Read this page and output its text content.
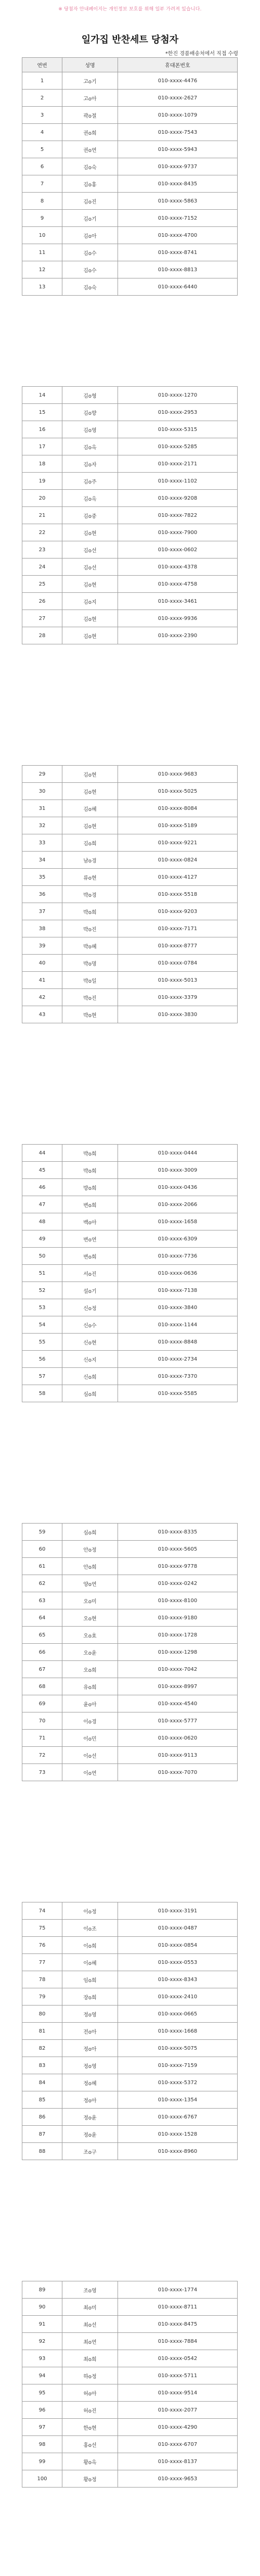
※ 당첨자 안내페이지는 개인정보 보호를 위해 일부 가려져 있습니다.
일가집 반찬세트 당첨자
*한진 경품배송처에서 직접 수령
연번	성명	휴대폰번호
1	고o기	010-xxxx-4476
2	고o아	010-xxxx-2627
3	곽o절	010-xxxx-1079
4	권o희	010-xxxx-7543
5	권o연	010-xxxx-5943
6	김o숙	010-xxxx-9737
7	김o홍	010-xxxx-8435
8	김o진	010-xxxx-5863
9	김o기	010-xxxx-7152
10	김o아	010-xxxx-4700
11	김o수	010-xxxx-8741
12	김o수	010-xxxx-8813
13	김o숙	010-xxxx-6440
14	김o형	010-xxxx-1270
15	김o향	010-xxxx-2953
16	김o영	010-xxxx-5315
17	김o옥	010-xxxx-5285
18	김o자	010-xxxx-2171
19	김o주	010-xxxx-1102
20	김o옥	010-xxxx-9208
21	김o중	010-xxxx-7822
22	김o현	010-xxxx-7900
23	김o선	010-xxxx-0602
24	김o선	010-xxxx-4378
25	김o현	010-xxxx-4758
26	김o지	010-xxxx-3461
27	김o현	010-xxxx-9936
28	김o현	010-xxxx-2390
29	김o현	010-xxxx-9683
30	김o현	010-xxxx-5025
31	김o혜	010-xxxx-8084
32	김o현	010-xxxx-5189
33	김o희	010-xxxx-9221
34	남o경	010-xxxx-0824
35	류o현	010-xxxx-4127
36	박o경	010-xxxx-5518
37	박o희	010-xxxx-9203
38	박o진	010-xxxx-7171
39	박o혜	010-xxxx-8777
40	박o명	010-xxxx-0784
41	박o일	010-xxxx-5013
42	박o진	010-xxxx-3379
43	박o현	010-xxxx-3830
44	박o희	010-xxxx-0444
45	박o희	010-xxxx-3009
46	방o희	010-xxxx-0436
47	변o희	010-xxxx-2066
48	백o아	010-xxxx-1658
49	변o연	010-xxxx-6309
50	변o희	010-xxxx-7736
51	서o진	010-xxxx-0636
52	설o기	010-xxxx-7138
53	신o정	010-xxxx-3840
54	신o수	010-xxxx-1144
55	신o현	010-xxxx-8848
56	신o지	010-xxxx-2734
57	신o희	010-xxxx-7370
58	심o희	010-xxxx-5585
59	심o희	010-xxxx-8335
60	안o정	010-xxxx-5605
61	안o희	010-xxxx-9778
62	양o연	010-xxxx-0242
63	오o미	010-xxxx-8100
64	오o현	010-xxxx-9180
65	오o효	010-xxxx-1728
66	오o윤	010-xxxx-1298
67	오o희	010-xxxx-7042
68	유o희	010-xxxx-8997
69	윤o아	010-xxxx-4540
70	이o경	010-xxxx-5777
71	이o민	010-xxxx-0620
72	이o선	010-xxxx-9113
73	이o연	010-xxxx-7070
74	이o정	010-xxxx-3191
75	이o조	010-xxxx-0487
76	이o희	010-xxxx-0854
77	이o혜	010-xxxx-0553
78	임o희	010-xxxx-8343
79	장o희	010-xxxx-2410
80	정o영	010-xxxx-0665
81	전o아	010-xxxx-1668
82	정o아	010-xxxx-5075
83	정o영	010-xxxx-7159
84	정o혜	010-xxxx-5372
85	정o아	010-xxxx-1354
86	정o윤	010-xxxx-6767
87	정o윤	010-xxxx-1528
88	조o구	010-xxxx-8960
89	조o영	010-xxxx-1774
90	최o미	010-xxxx-8711
91	최o선	010-xxxx-8475
92	최o연	010-xxxx-7884
93	최o희	010-xxxx-0542
94	하o정	010-xxxx-5711
95	허o아	010-xxxx-9514
96	허o진	010-xxxx-2077
97	한o현	010-xxxx-4290
98	홍o선	010-xxxx-6707
99	황o옥	010-xxxx-8137
100	황o정	010-xxxx-9653
